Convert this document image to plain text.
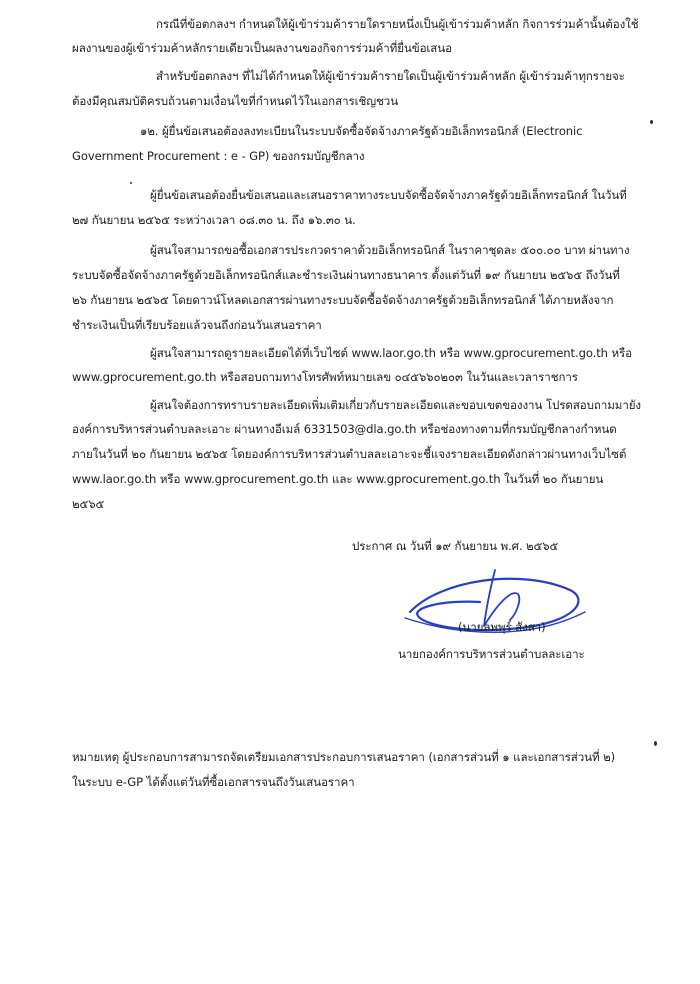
กรณีที่ข้อตกลงฯ กำหนดให้ผู้เข้าร่วมค้ารายใดรายหนึ่งเป็นผู้เข้าร่วมค้าหลัก กิจการร่วมค้านั้นต้องใช้
ผลงานของผู้เข้าร่วมค้าหลักรายเดียวเป็นผลงานของกิจการร่วมค้าที่ยื่นข้อเสนอ
สำหรับข้อตกลงฯ ที่ไม่ได้กำหนดให้ผู้เข้าร่วมค้ารายใดเป็นผู้เข้าร่วมค้าหลัก ผู้เข้าร่วมค้าทุกรายจะ
ต้องมีคุณสมบัติครบถ้วนตามเงื่อนไขที่กำหนดไว้ในเอกสารเชิญชวน
๑๒. ผู้ยื่นข้อเสนอต้องลงทะเบียนในระบบจัดซื้อจัดจ้างภาครัฐด้วยอิเล็กทรอนิกส์ (Electronic
Government Procurement : e - GP) ของกรมบัญชีกลาง
ผู้ยื่นข้อเสนอต้องยื่นข้อเสนอและเสนอราคาทางระบบจัดซื้อจัดจ้างภาครัฐด้วยอิเล็กทรอนิกส์ ในวันที่
๒๗ กันยายน ๒๕๖๕ ระหว่างเวลา ๐๘.๓๐ น. ถึง ๑๖.๓๐ น.
ผู้สนใจสามารถขอซื้อเอกสารประกวดราคาด้วยอิเล็กทรอนิกส์ ในราคาชุดละ ๕๐๐.๐๐ บาท ผ่านทาง
ระบบจัดซื้อจัดจ้างภาครัฐด้วยอิเล็กทรอนิกส์และชำระเงินผ่านทางธนาคาร ตั้งแต่วันที่ ๑๙ กันยายน ๒๕๖๕ ถึงวันที่
๒๖ กันยายน ๒๕๖๕ โดยดาวน์โหลดเอกสารผ่านทางระบบจัดซื้อจัดจ้างภาครัฐด้วยอิเล็กทรอนิกส์ ได้ภายหลังจาก
ชำระเงินเป็นที่เรียบร้อยแล้วจนถึงก่อนวันเสนอราคา
ผู้สนใจสามารถดูรายละเอียดได้ที่เว็บไซต์ www.laor.go.th หรือ www.gprocurement.go.th หรือ
www.gprocurement.go.th หรือสอบถามทางโทรศัพท์หมายเลข ๐๔๕๖๖๐๒๐๓ ในวันและเวลาราชการ
ผู้สนใจต้องการทราบรายละเอียดเพิ่มเติมเกี่ยวกับรายละเอียดและขอบเขตของงาน โปรดสอบถามมายัง
องค์การบริหารส่วนตำบลละเอาะ ผ่านทางอีเมล์ 6331503@dla.go.th หรือช่องทางตามที่กรมบัญชีกลางกำหนด
ภายในวันที่ ๒๐ กันยายน ๒๕๖๕ โดยองค์การบริหารส่วนตำบลละเอาะจะชี้แจงรายละเอียดดังกล่าวผ่านทางเว็บไซต์
www.laor.go.th หรือ www.gprocurement.go.th และ www.gprocurement.go.th ในวันที่ ๒๐ กันยายน
๒๕๖๕
ประกาศ ณ วันที่ ๑๙ กันยายน พ.ศ. ๒๕๖๕
(นายลพพุร์ สังสา)
นายกองค์การบริหารส่วนตำบลละเอาะ
หมายเหตุ ผู้ประกอบการสามารถจัดเตรียมเอกสารประกอบการเสนอราคา (เอกสารส่วนที่ ๑ และเอกสารส่วนที่ ๒)
ในระบบ e-GP ได้ตั้งแต่วันที่ซื้อเอกสารจนถึงวันเสนอราคา
